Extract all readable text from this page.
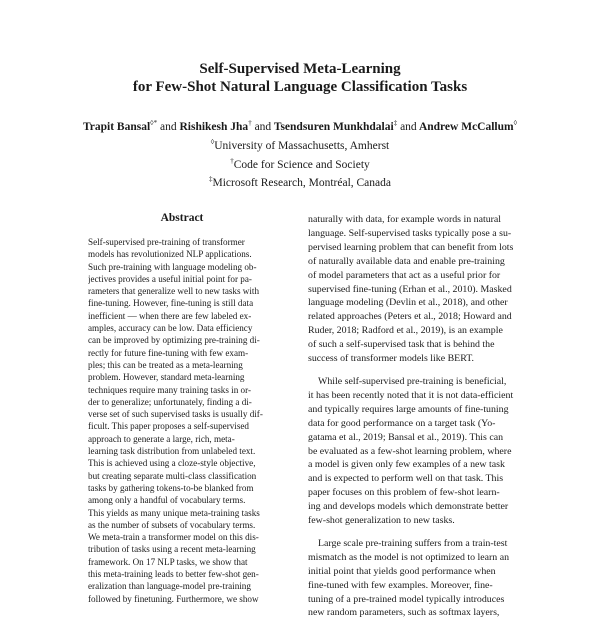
Self-Supervised Meta-Learning
for Few-Shot Natural Language Classification Tasks
Trapit Bansal◊* and Rishikesh Jha† and Tsendsuren Munkhdalai‡ and Andrew McCallum◊
◊University of Massachusetts, Amherst
†Code for Science and Society
‡Microsoft Research, Montréal, Canada
Abstract
Self-supervised pre-training of transformer
models has revolutionized NLP applications.
Such pre-training with language modeling ob-
jectives provides a useful initial point for pa-
rameters that generalize well to new tasks with
fine-tuning. However, fine-tuning is still data
inefficient — when there are few labeled ex-
amples, accuracy can be low. Data efficiency
can be improved by optimizing pre-training di-
rectly for future fine-tuning with few exam-
ples; this can be treated as a meta-learning
problem. However, standard meta-learning
techniques require many training tasks in or-
der to generalize; unfortunately, finding a di-
verse set of such supervised tasks is usually dif-
ficult. This paper proposes a self-supervised
approach to generate a large, rich, meta-
learning task distribution from unlabeled text.
This is achieved using a cloze-style objective,
but creating separate multi-class classification
tasks by gathering tokens-to-be blanked from
among only a handful of vocabulary terms.
This yields as many unique meta-training tasks
as the number of subsets of vocabulary terms.
We meta-train a transformer model on this dis-
tribution of tasks using a recent meta-learning
framework. On 17 NLP tasks, we show that
this meta-training leads to better few-shot gen-
eralization than language-model pre-training
followed by finetuning. Furthermore, we show
naturally with data, for example words in natural
language. Self-supervised tasks typically pose a su-
pervised learning problem that can benefit from lots
of naturally available data and enable pre-training
of model parameters that act as a useful prior for
supervised fine-tuning (Erhan et al., 2010). Masked
language modeling (Devlin et al., 2018), and other
related approaches (Peters et al., 2018; Howard and
Ruder, 2018; Radford et al., 2019), is an example
of such a self-supervised task that is behind the
success of transformer models like BERT.
While self-supervised pre-training is beneficial,
it has been recently noted that it is not data-efficient
and typically requires large amounts of fine-tuning
data for good performance on a target task (Yo-
gatama et al., 2019; Bansal et al., 2019). This can
be evaluated as a few-shot learning problem, where
a model is given only few examples of a new task
and is expected to perform well on that task. This
paper focuses on this problem of few-shot learn-
ing and develops models which demonstrate better
few-shot generalization to new tasks.
Large scale pre-training suffers from a train-test
mismatch as the model is not optimized to learn an
initial point that yields good performance when
fine-tuned with few examples. Moreover, fine-
tuning of a pre-trained model typically introduces
new random parameters, such as softmax layers,
